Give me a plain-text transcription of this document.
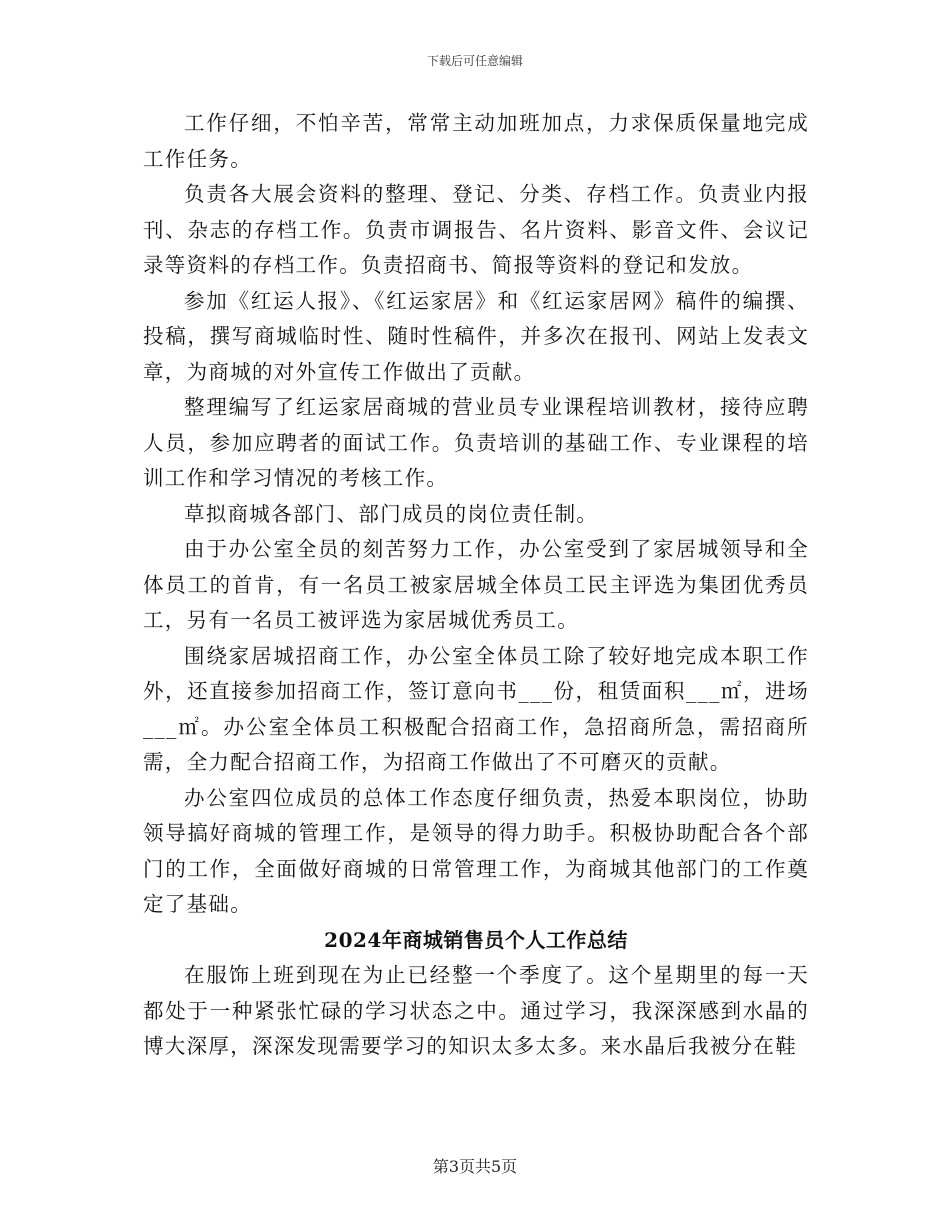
下载后可任意编辑

工作仔细，不怕辛苦，常常主动加班加点，力求保质保量地完成工作任务。

负责各大展会资料的整理、登记、分类、存档工作。负责业内报刊、杂志的存档工作。负责市调报告、名片资料、影音文件、会议记录等资料的存档工作。负责招商书、简报等资料的登记和发放。

参加《红运人报》、《红运家居》和《红运家居网》稿件的编撰、投稿，撰写商城临时性、随时性稿件，并多次在报刊、网站上发表文章，为商城的对外宣传工作做出了贡献。

整理编写了红运家居商城的营业员专业课程培训教材，接待应聘人员，参加应聘者的面试工作。负责培训的基础工作、专业课程的培训工作和学习情况的考核工作。

草拟商城各部门、部门成员的岗位责任制。

由于办公室全员的刻苦努力工作，办公室受到了家居城领导和全体员工的首肯，有一名员工被家居城全体员工民主评选为集团优秀员工，另有一名员工被评选为家居城优秀员工。

围绕家居城招商工作，办公室全体员工除了较好地完成本职工作外，还直接参加招商工作，签订意向书___份，租赁面积___㎡，进场___㎡。办公室全体员工积极配合招商工作，急招商所急，需招商所需，全力配合招商工作，为招商工作做出了不可磨灭的贡献。

办公室四位成员的总体工作态度仔细负责，热爱本职岗位，协助领导搞好商城的管理工作，是领导的得力助手。积极协助配合各个部门的工作，全面做好商城的日常管理工作，为商城其他部门的工作奠定了基础。

2024年商城销售员个人工作总结

在服饰上班到现在为止已经整一个季度了。这个星期里的每一天都处于一种紧张忙碌的学习状态之中。通过学习，我深深感到水晶的博大深厚，深深发现需要学习的知识太多太多。来水晶后我被分在鞋

第3页共5页
